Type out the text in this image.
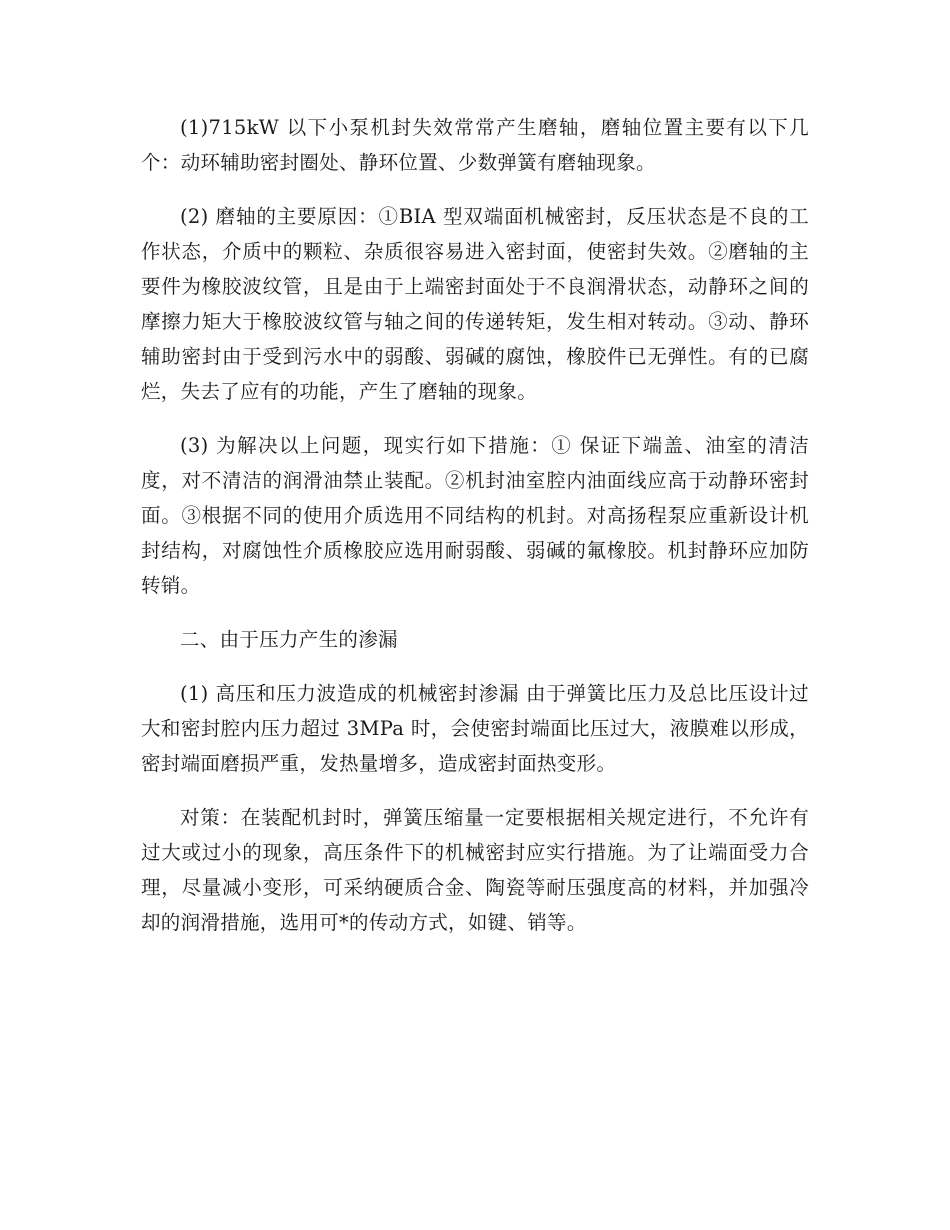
(1)715kW 以下小泵机封失效常常产生磨轴，磨轴位置主要有以下几个：动环辅助密封圈处、静环位置、少数弹簧有磨轴现象。

(2) 磨轴的主要原因：①BIA 型双端面机械密封，反压状态是不良的工作状态，介质中的颗粒、杂质很容易进入密封面，使密封失效。②磨轴的主要件为橡胶波纹管，且是由于上端密封面处于不良润滑状态，动静环之间的摩擦力矩大于橡胶波纹管与轴之间的传递转矩，发生相对转动。③动、静环辅助密封由于受到污水中的弱酸、弱碱的腐蚀，橡胶件已无弹性。有的已腐烂，失去了应有的功能，产生了磨轴的现象。

(3) 为解决以上问题，现实行如下措施：① 保证下端盖、油室的清洁度，对不清洁的润滑油禁止装配。②机封油室腔内油面线应高于动静环密封面。③根据不同的使用介质选用不同结构的机封。对高扬程泵应重新设计机封结构，对腐蚀性介质橡胶应选用耐弱酸、弱碱的氟橡胶。机封静环应加防转销。

二、由于压力产生的渗漏

(1) 高压和压力波造成的机械密封渗漏 由于弹簧比压力及总比压设计过大和密封腔内压力超过 3MPa 时，会使密封端面比压过大，液膜难以形成，密封端面磨损严重，发热量增多，造成密封面热变形。

对策：在装配机封时，弹簧压缩量一定要根据相关规定进行，不允许有过大或过小的现象，高压条件下的机械密封应实行措施。为了让端面受力合理，尽量减小变形，可采纳硬质合金、陶瓷等耐压强度高的材料，并加强冷却的润滑措施，选用可*的传动方式，如键、销等。
